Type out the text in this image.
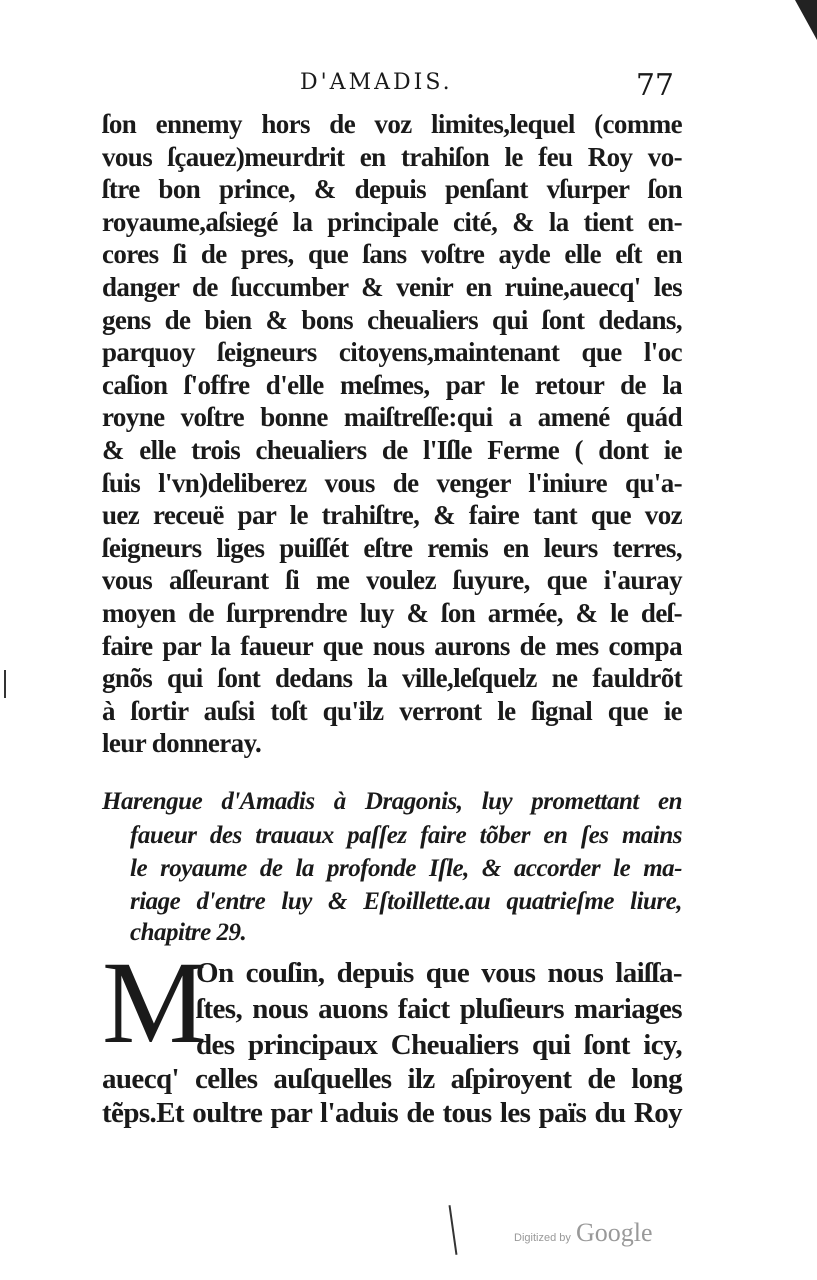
D'AMADIS.	77
ſon ennemy hors de voz limites,lequel (comme
vous ſçauez)meurdrit en trahiſon le feu Roy vo-
ſtre bon prince, & depuis penſant vſurper ſon
royaume,aſsiegé la principale cité, & la tient en-
cores ſi de pres, que ſans voſtre ayde elle eſt en
danger de ſuccumber & venir en ruine,auecq' les
gens de bien & bons cheualiers qui ſont dedans,
parquoy ſeigneurs citoyens,maintenant que l'oc
caſion ſ'offre d'elle meſmes, par le retour de la
royne voſtre bonne maiſtreſſe:qui a amené quád
& elle trois cheualiers de l'Iſle Ferme ( dont ie
ſuis l'vn)deliberez vous de venger l'iniure qu'a-
uez receuë par le trahiſtre, & faire tant que voz
ſeigneurs liges puiſſét eſtre remis en leurs terres,
vous aſſeurant ſi me voulez ſuyure, que i'auray
moyen de ſurprendre luy & ſon armée, & le deſ-
faire par la faueur que nous aurons de mes compa
gnõs qui ſont dedans la ville,leſquelz ne fauldrõt
à ſortir auſsi toſt qu'ilz verront le ſignal que ie
leur donneray.
Harengue d'Amadis à Dragonis, luy promettant en
faueur des trauaux paſſez faire tõber en ſes mains
le royaume de la profonde Iſle, & accorder le ma-
riage d'entre luy & Eſtoillette.au quatrieſme liure,
chapitre 29.
M
On couſin, depuis que vous nous laiſſa-
ſtes, nous auons faict pluſieurs mariages
des principaux Cheualiers qui ſont icy,
auecq' celles auſquelles ilz aſpiroyent de long
tẽps.Et oultre par l'aduis de tous les païs du Roy
Digitized by Google
